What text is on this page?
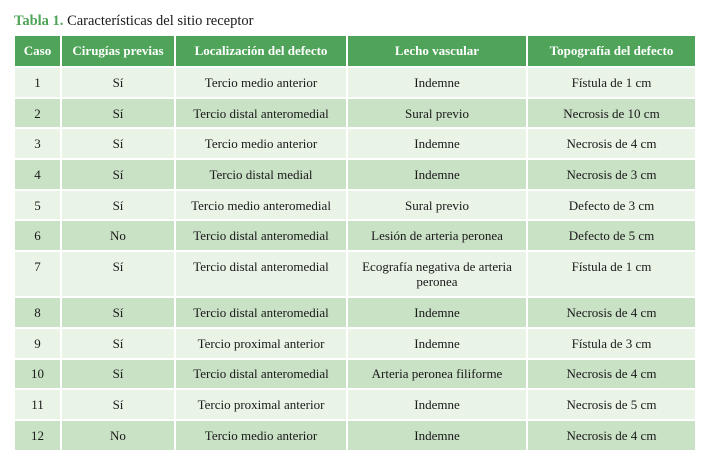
Tabla 1. Características del sitio receptor
Caso	Cirugías previas	Localización del defecto	Lecho vascular	Topografía del defecto
1	Sí	Tercio medio anterior	Indemne	Fístula de 1 cm
2	Sí	Tercio distal anteromedial	Sural previo	Necrosis de 10 cm
3	Sí	Tercio medio anterior	Indemne	Necrosis de 4 cm
4	Sí	Tercio distal medial	Indemne	Necrosis de 3 cm
5	Sí	Tercio medio anteromedial	Sural previo	Defecto de 3 cm
6	No	Tercio distal anteromedial	Lesión de arteria peronea	Defecto de 5 cm
7	Sí	Tercio distal anteromedial	Ecografía negativa de arteria peronea	Fístula de 1 cm
8	Sí	Tercio distal anteromedial	Indemne	Necrosis de 4 cm
9	Sí	Tercio proximal anterior	Indemne	Fístula de 3 cm
10	Sí	Tercio distal anteromedial	Arteria peronea filiforme	Necrosis de 4 cm
11	Sí	Tercio proximal anterior	Indemne	Necrosis de 5 cm
12	No	Tercio medio anterior	Indemne	Necrosis de 4 cm
